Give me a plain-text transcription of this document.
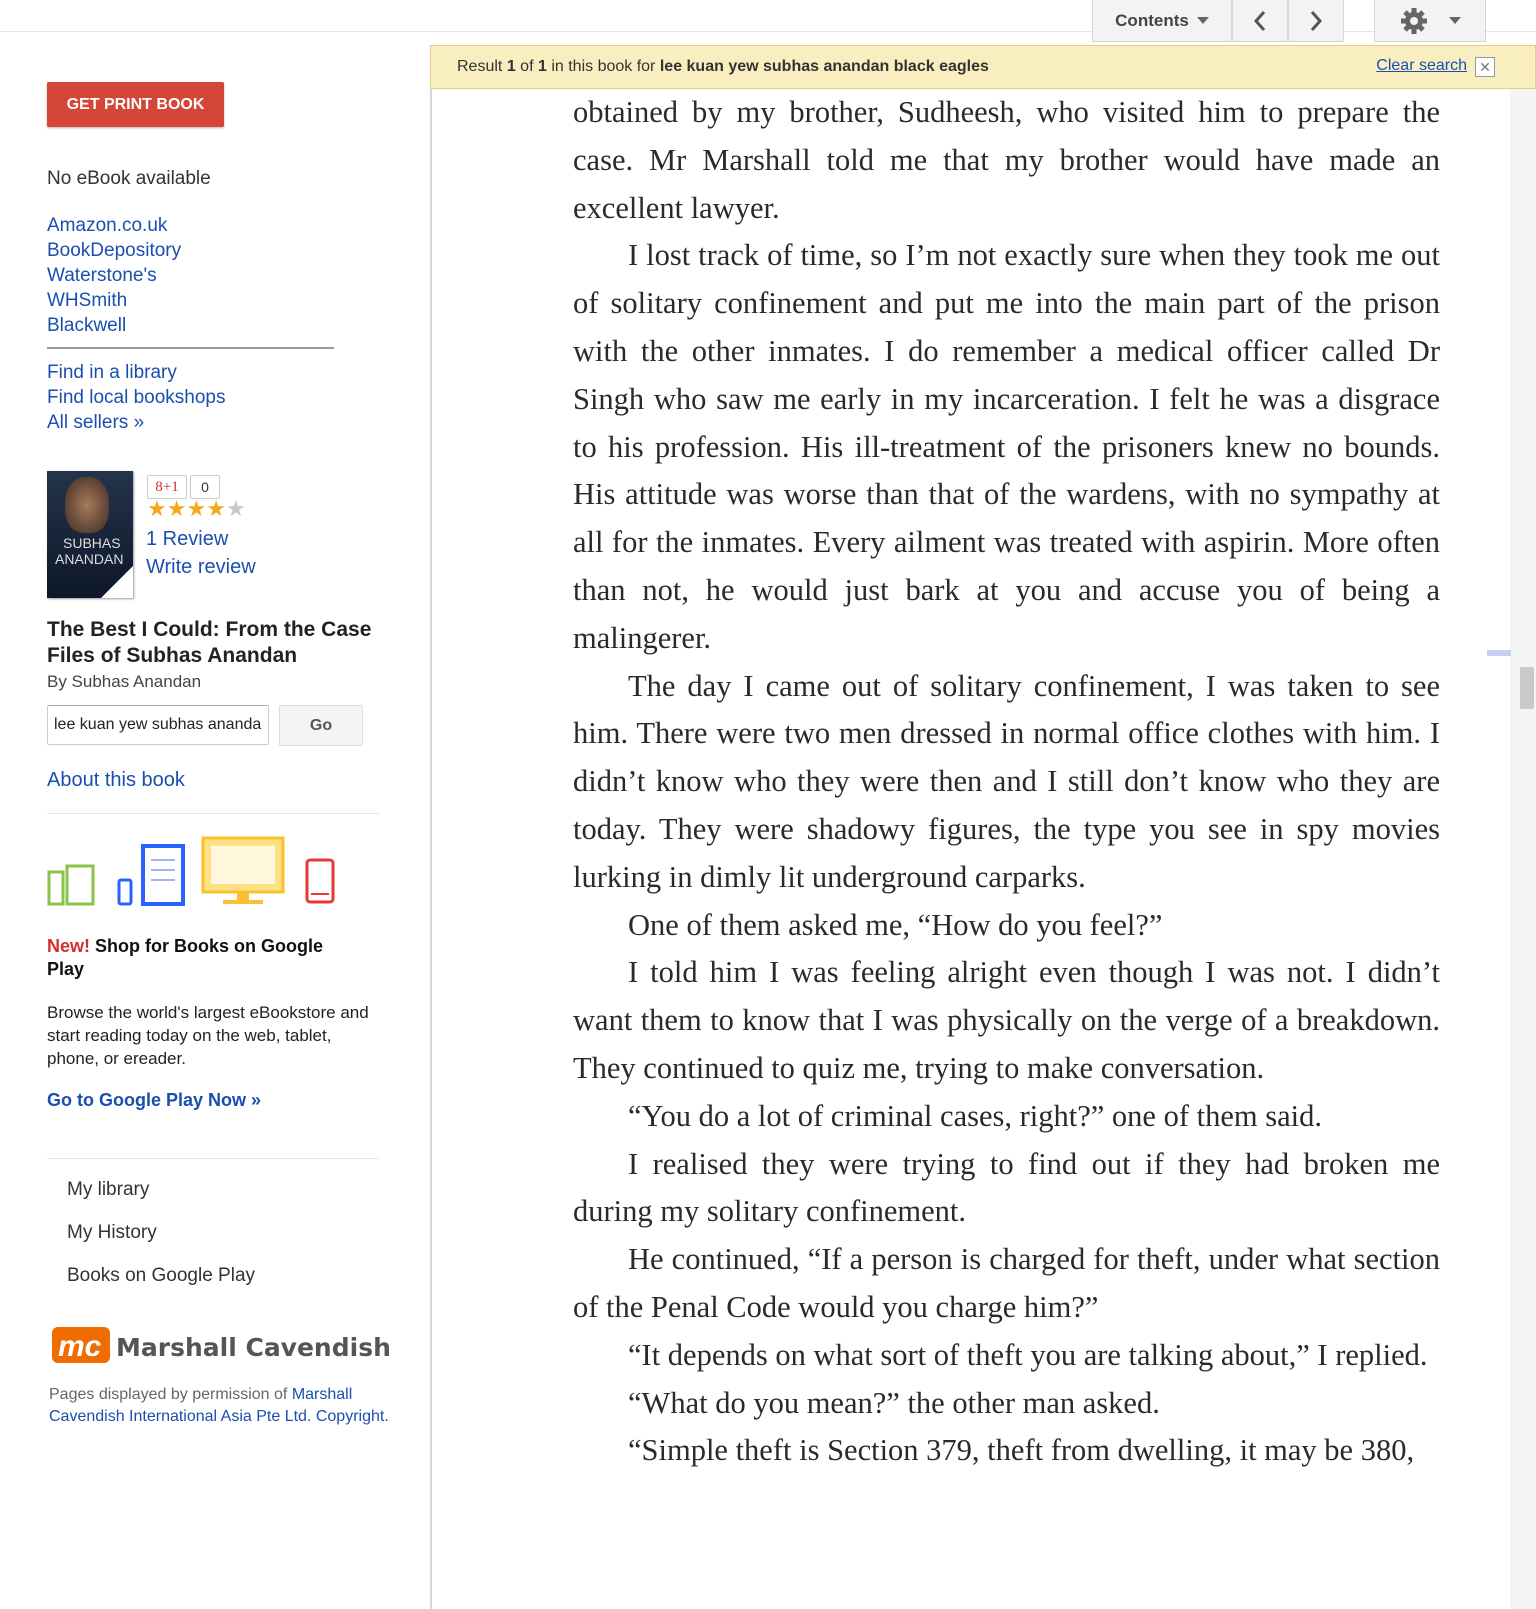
Contents
Result 1 of 1 in this book for lee kuan yew subhas anandan black eagles	Clear search ✕
GET PRINT BOOK
No eBook available
Amazon.co.uk
BookDepository
Waterstone's
WHSmith
Blackwell
Find in a library
Find local bookshops
All sellers »
SUBHAS
ANANDAN
8+1	0
★★★★★
1 Review
Write review
The Best I Could: From the Case Files of Subhas Anandan
By Subhas Anandan
lee kuan yew subhas anandan black eagles
Go
About this book
New! Shop for Books on Google Play
Browse the world's largest eBookstore and start reading today on the web, tablet, phone, or ereader.
Go to Google Play Now »
My library
My History
Books on Google Play
mc Marshall Cavendish
Pages displayed by permission of Marshall Cavendish International Asia Pte Ltd. Copyright.

obtained by my brother, Sudheesh, who visited him to prepare the case. Mr Marshall told me that my brother would have made an excellent lawyer.

I lost track of time, so I’m not exactly sure when they took me out of solitary confinement and put me into the main part of the prison with the other inmates. I do remember a medical officer called Dr Singh who saw me early in my incarceration. I felt he was a disgrace to his profession. His ill-treatment of the prisoners knew no bounds. His attitude was worse than that of the wardens, with no sympathy at all for the inmates. Every ailment was treated with aspirin. More often than not, he would just bark at you and accuse you of being a malingerer.

The day I came out of solitary confinement, I was taken to see him. There were two men dressed in normal office clothes with him. I didn’t know who they were then and I still don’t know who they are today. They were shadowy figures, the type you see in spy movies lurking in dimly lit underground carparks.

One of them asked me, “How do you feel?”

I told him I was feeling alright even though I was not. I didn’t want them to know that I was physically on the verge of a breakdown. They continued to quiz me, trying to make conversation.

“You do a lot of criminal cases, right?” one of them said.

I realised they were trying to find out if they had broken me during my solitary confinement.

He continued, “If a person is charged for theft, under what section of the Penal Code would you charge him?”

“It depends on what sort of theft you are talking about,” I replied.

“What do you mean?” the other man asked.

“Simple theft is Section 379, theft from dwelling, it may be 380,
